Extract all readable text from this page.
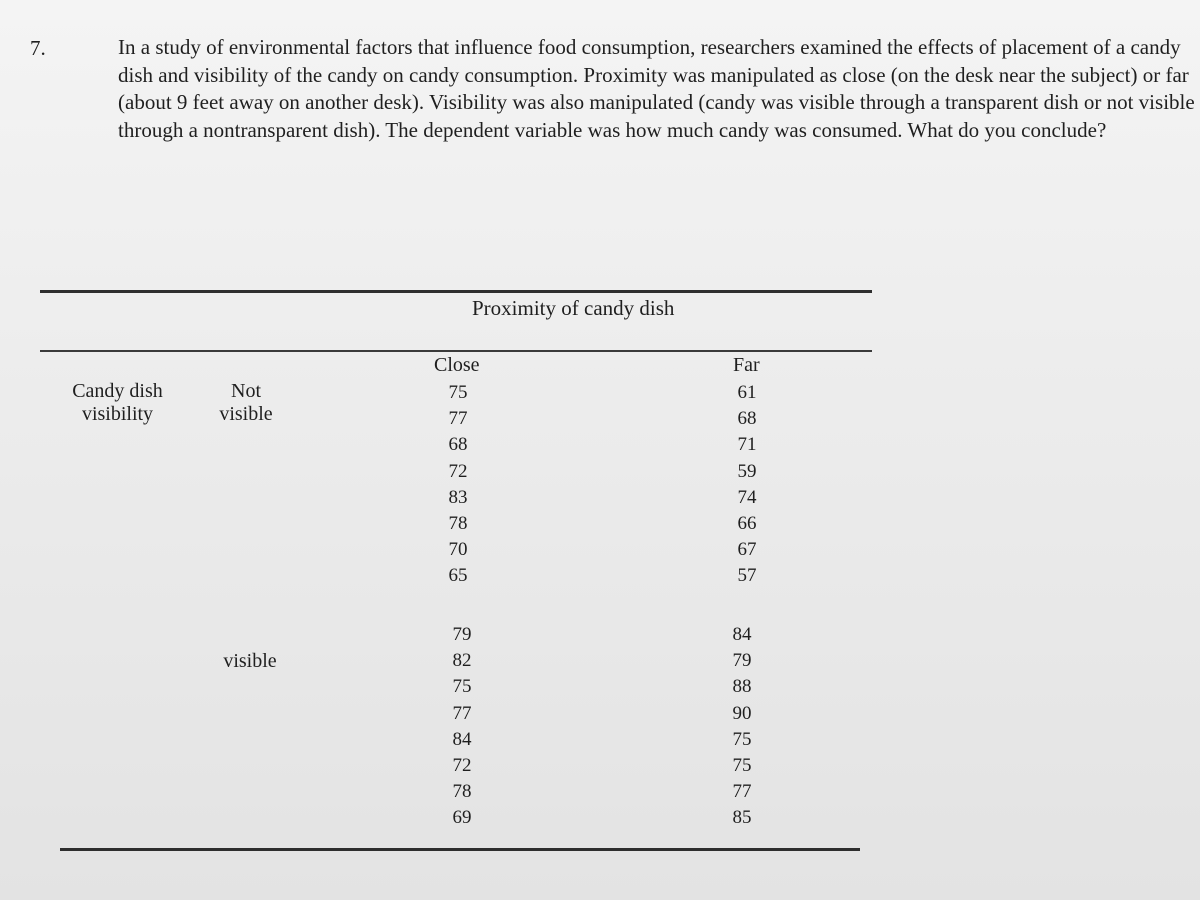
7.	In a study of environmental factors that influence food consumption, researchers examined the effects of placement of a candy dish and visibility of the candy on candy consumption. Proximity was manipulated as close (on the desk near the subject) or far (about 9 feet away on another desk). Visibility was also manipulated (candy was visible through a transparent dish or not visible through a nontransparent dish). The dependent variable was how much candy was consumed. What do you conclude?

Proximity of candy dish
Close	Far
Candy dish
visibility
Not
visible
visible
75
77
68
72
83
78
70
65
61
68
71
59
74
66
67
57
79
82
75
77
84
72
78
69
84
79
88
90
75
75
77
85
